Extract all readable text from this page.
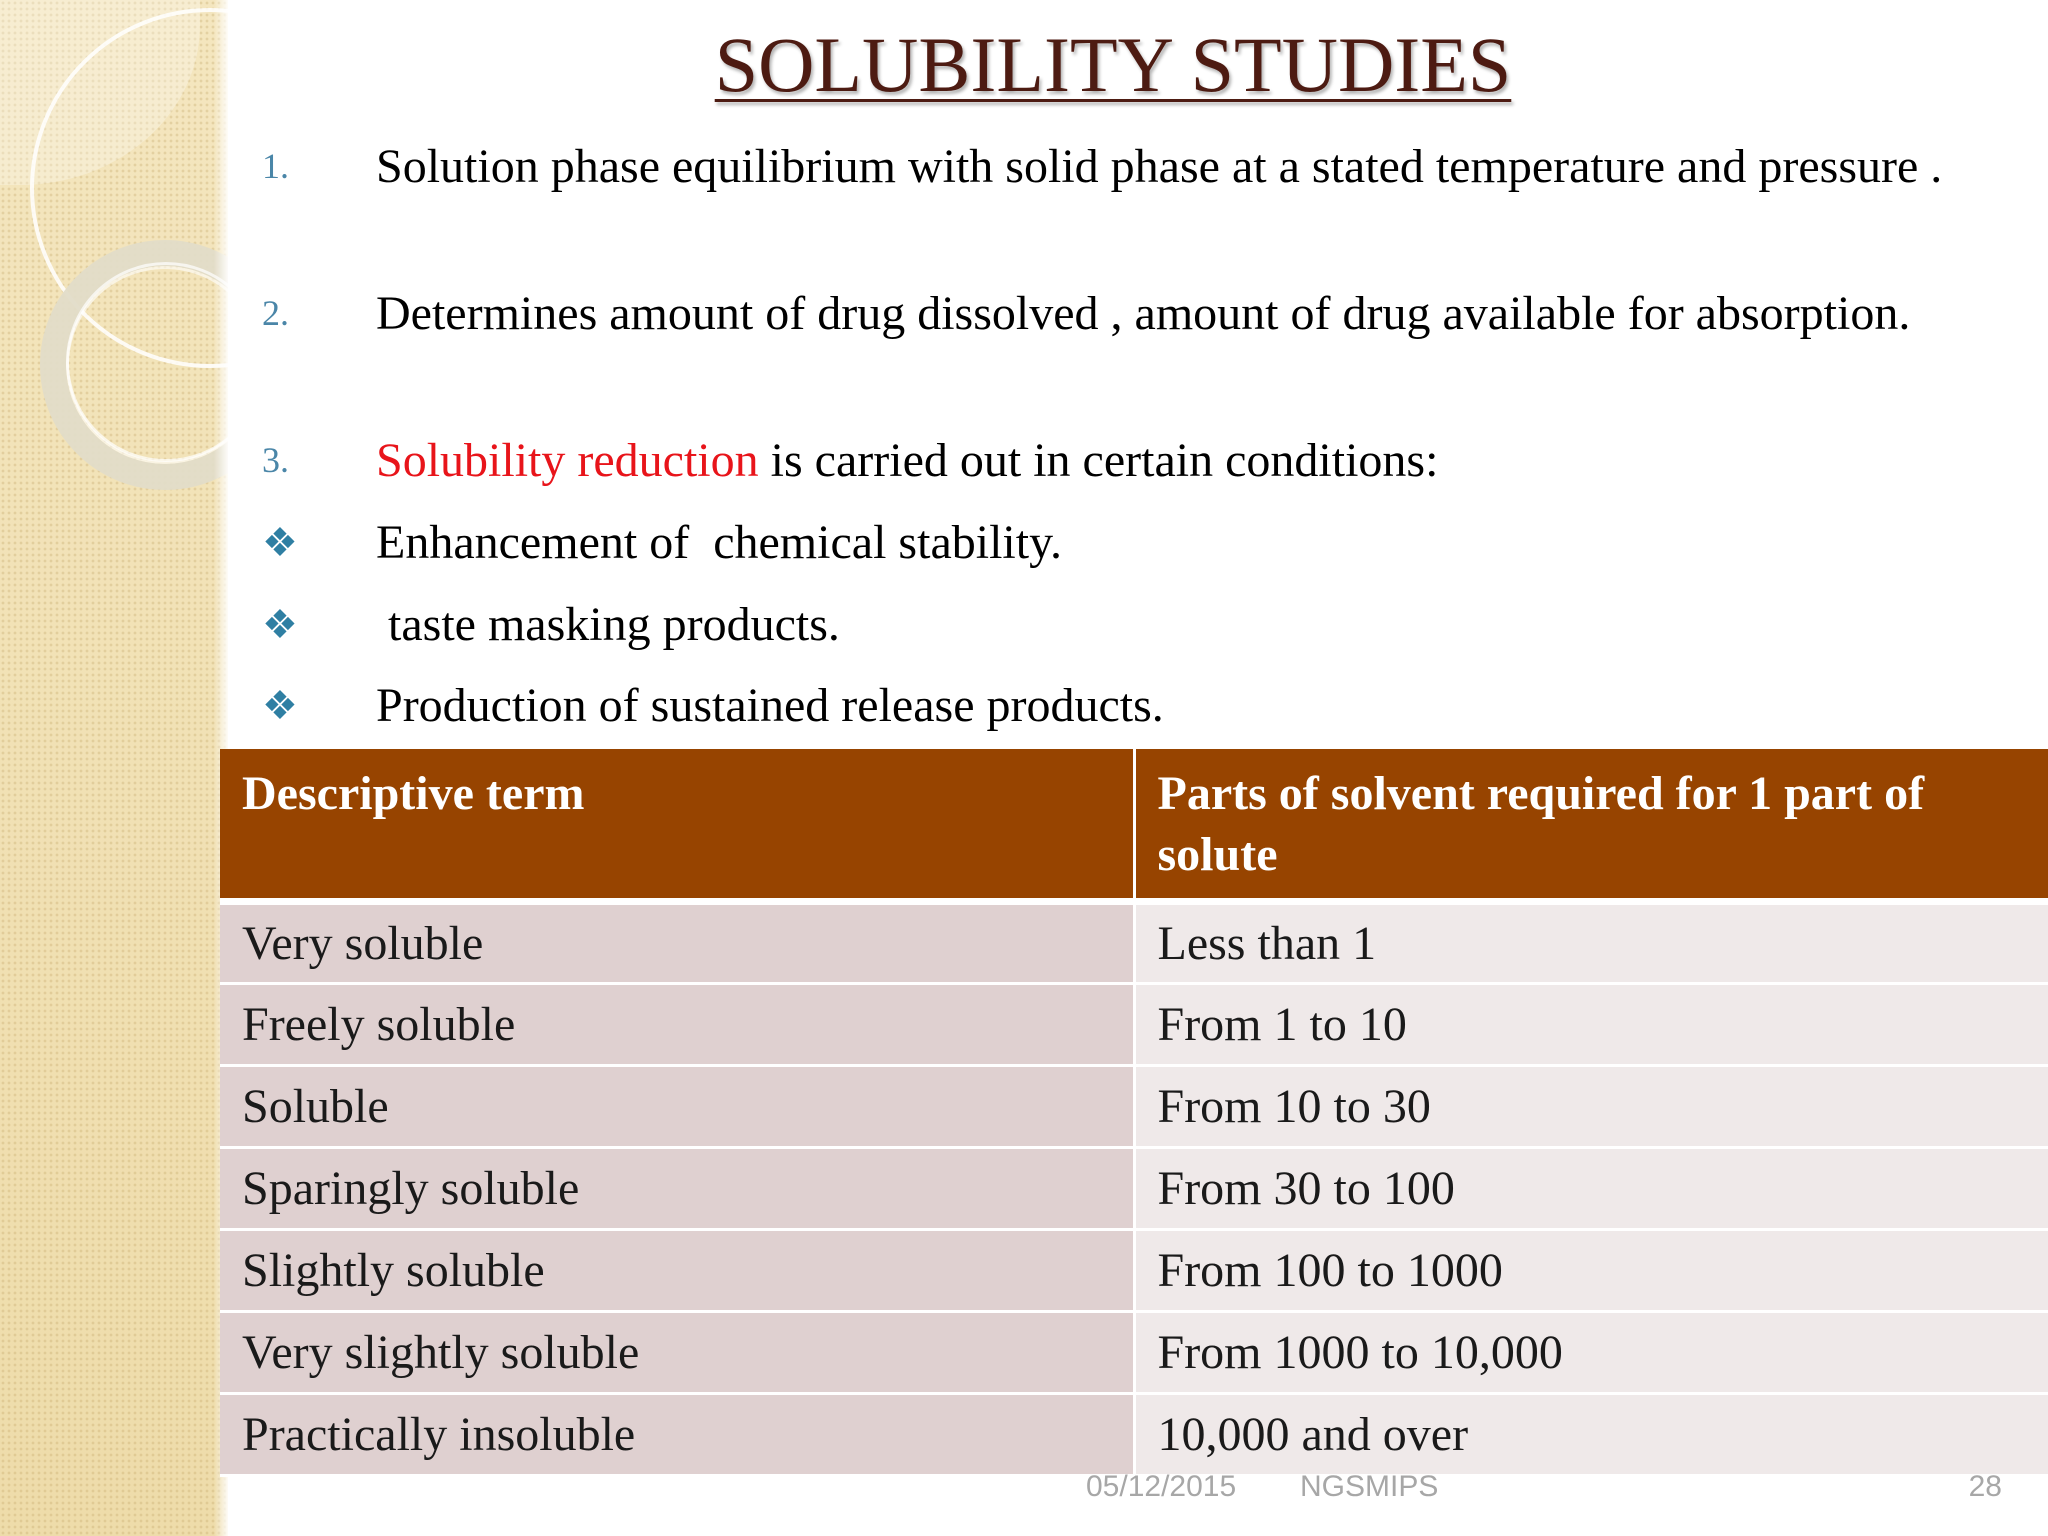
SOLUBILITY STUDIES
1.	Solution phase equilibrium with solid phase at a stated temperature and pressure .
2.	Determines amount of drug dissolved , amount of drug available for absorption.
3.	Solubility reduction is carried out in certain conditions:
❖	Enhancement of  chemical stability.
❖	taste masking products.
❖	Production of sustained release products.
Descriptive term	Parts of solvent required for 1 part of solute
Very soluble	Less than 1
Freely soluble	From 1 to 10
Soluble	From 10 to 30
Sparingly soluble	From 30 to 100
Slightly soluble	From 100 to 1000
Very slightly soluble	From 1000 to 10,000
Practically insoluble	10,000 and over
05/12/2015 NGSMIPS	28
